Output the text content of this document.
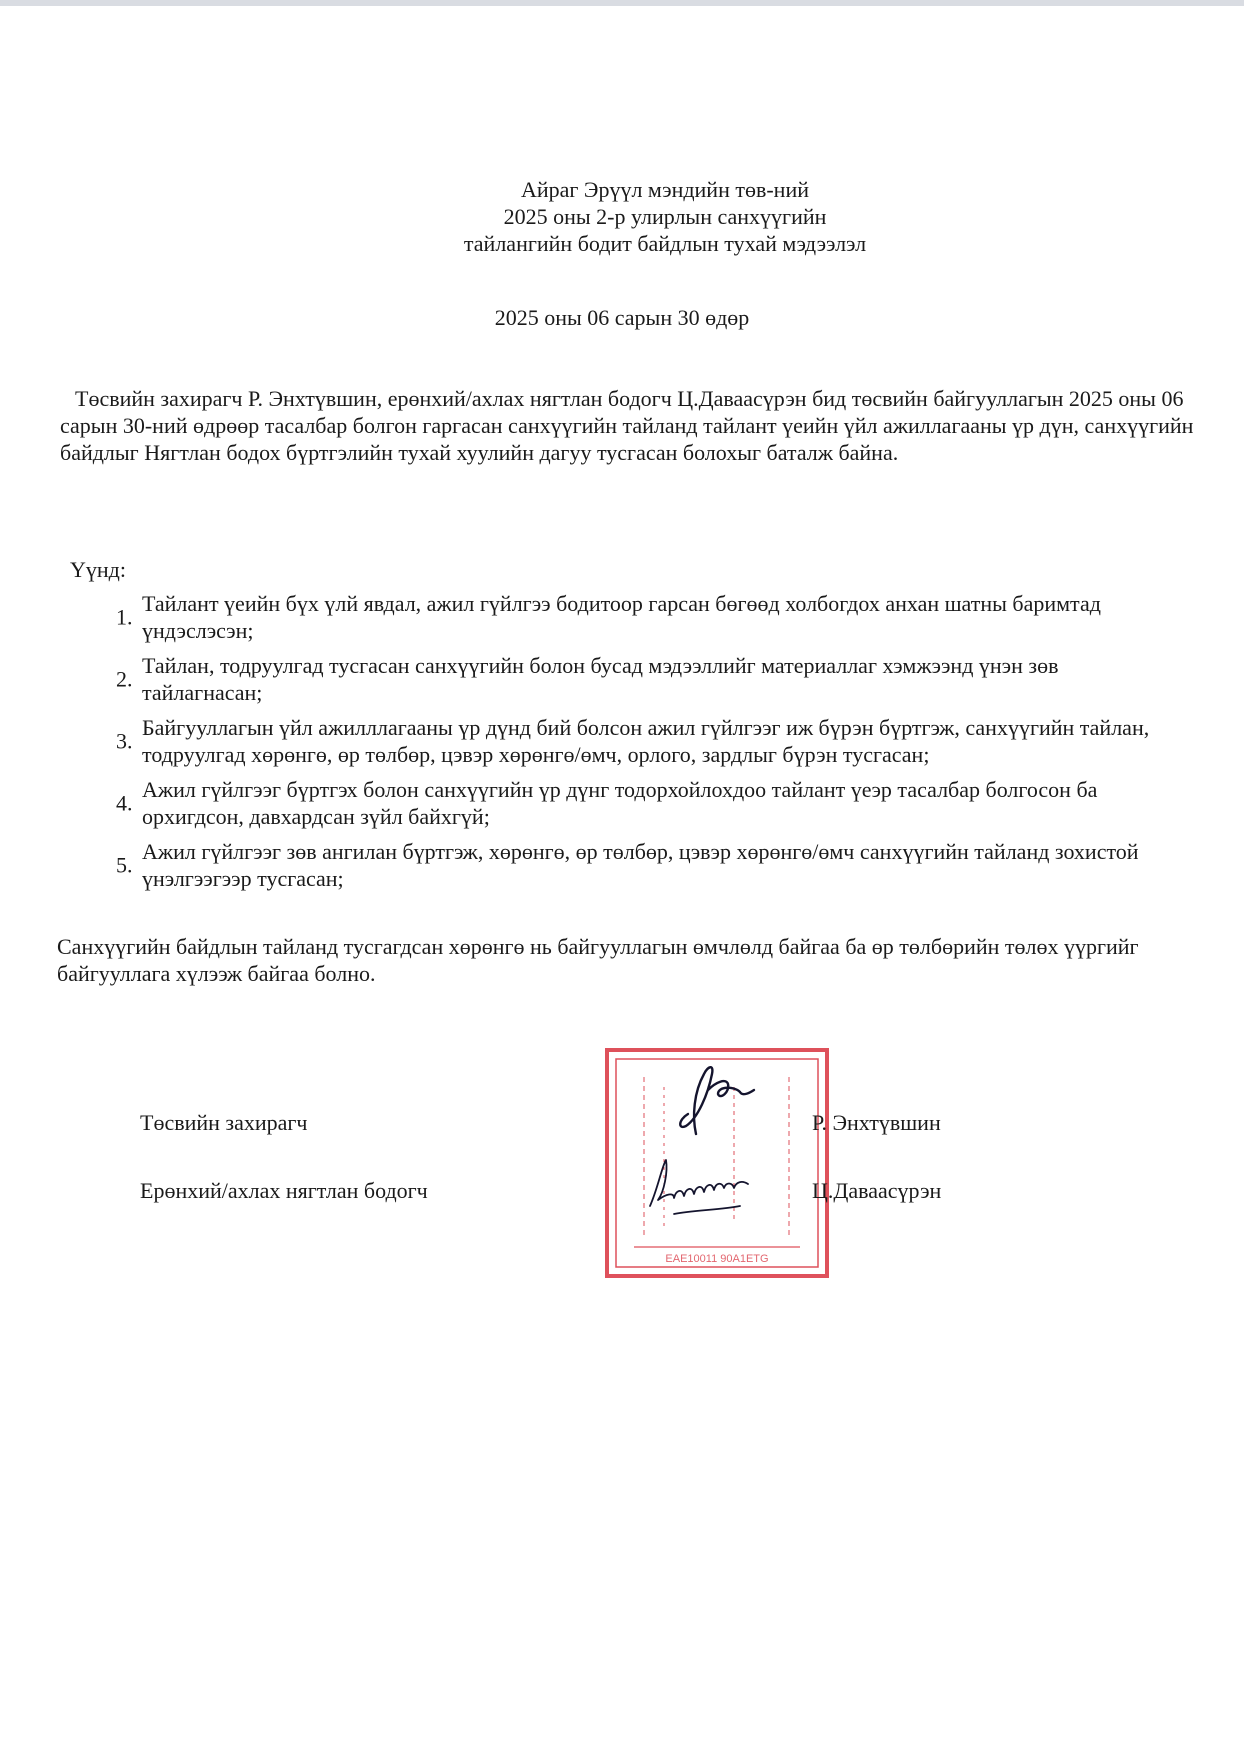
Айраг Эрүүл мэндийн төв-ний
2025 оны 2-р улирлын санхүүгийн
тайлангийн бодит байдлын тухай мэдээлэл
2025 оны 06 сарын 30 өдөр
Төсвийн захирагч Р. Энхтүвшин, ерөнхий/ахлах нягтлан бодогч Ц.Даваасүрэн бид төсвийн байгууллагын 2025 оны 06 сарын 30-ний өдрөөр тасалбар болгон гаргасан санхүүгийн тайланд тайлант үеийн үйл ажиллагааны үр дүн, санхүүгийн байдлыг Нягтлан бодох бүртгэлийн тухай хуулийн дагуу тусгасан болохыг баталж байна.
Үүнд:
1.
Тайлант үеийн бүх үлй явдал, ажил гүйлгээ бодитоор гарсан бөгөөд холбогдох анхан шатны баримтад үндэслэсэн;
2.
Тайлан, тодруулгад тусгасан санхүүгийн болон бусад мэдээллийг материаллаг хэмжээнд үнэн зөв тайлагнасан;
3.
Байгууллагын үйл ажилллагааны үр дүнд бий болсон ажил гүйлгээг иж бүрэн бүртгэж, санхүүгийн тайлан, тодруулгад хөрөнгө, өр төлбөр, цэвэр хөрөнгө/өмч, орлого, зардлыг бүрэн тусгасан;
4.
Ажил гүйлгээг бүртгэх болон санхүүгийн үр дүнг тодорхойлохдоо тайлант үеэр тасалбар болгосон ба орхигдсон, давхардсан зүйл байхгүй;
5.
Ажил гүйлгээг зөв ангилан бүртгэж, хөрөнгө, өр төлбөр, цэвэр хөрөнгө/өмч санхүүгийн тайланд зохистой үнэлгээгээр тусгасан;
Санхүүгийн байдлын тайланд тусгагдсан хөрөнгө нь байгууллагын өмчлөлд байгаа ба өр төлбөрийн төлөх үүргийг байгууллага хүлээж байгаа болно.
EAE10011 90A1ETG
Төсвийн захирагч	Р. Энхтүвшин
Ерөнхий/ахлах нягтлан бодогч	Ц.Даваасүрэн
